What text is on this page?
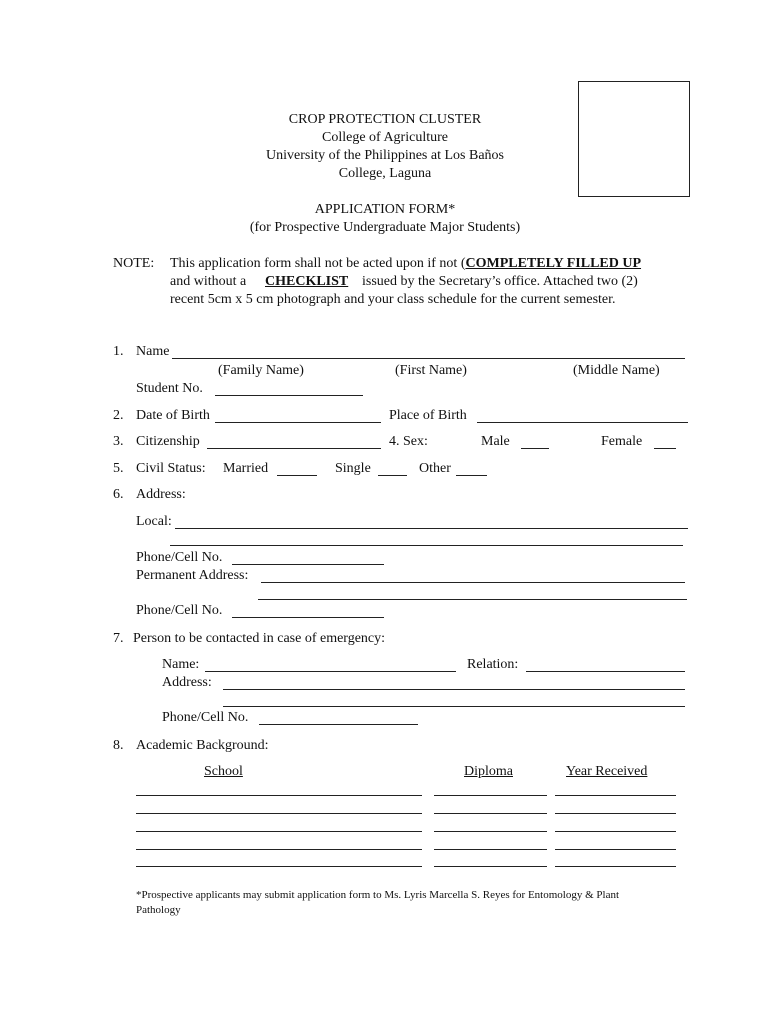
CROP PROTECTION CLUSTER
College of Agriculture
University of the Philippines at Los Baños
College, Laguna
APPLICATION FORM*
(for Prospective Undergraduate Major Students)
NOTE: This application form shall not be acted upon if not (COMPLETELY FILLED UP
and without a CHECKLIST issued by the Secretary’s office. Attached two (2)
recent 5cm x 5 cm photograph and your class schedule for the current semester.
1. Name
(Family Name)	(First Name)	(Middle Name)
Student No.
2. Date of Birth	Place of Birth
3. Citizenship	4. Sex:	Male	Female
5. Civil Status: Married	Single	Other
6. Address:
Local:
Phone/Cell No.
Permanent Address:
Phone/Cell No.
7. Person to be contacted in case of emergency:
Name:	Relation:
Address:
Phone/Cell No.
8. Academic Background:
School	Diploma	Year Received
*Prospective applicants may submit application form to Ms. Lyris Marcella S. Reyes for Entomology & Plant
Pathology
